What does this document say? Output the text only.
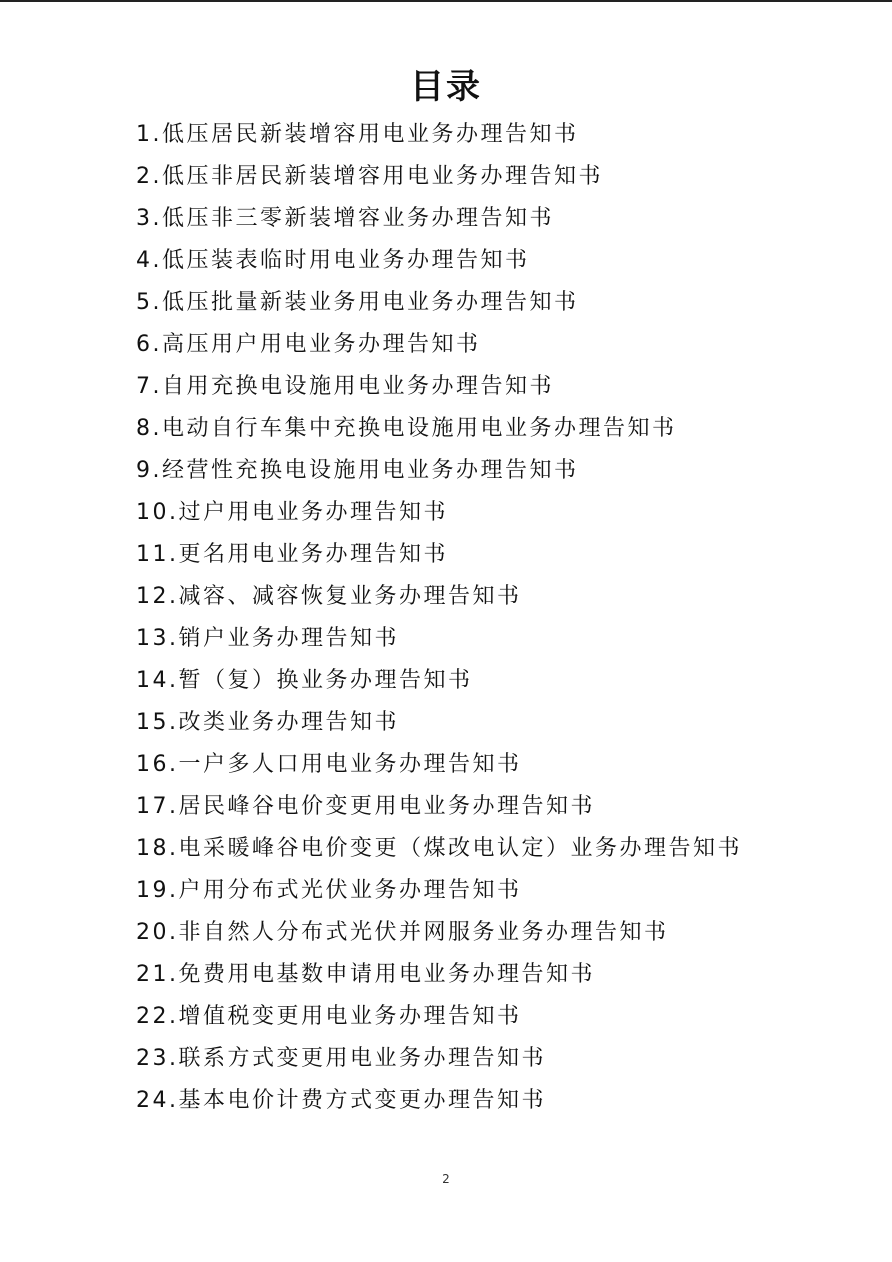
目录
1.低压居民新装增容用电业务办理告知书
2.低压非居民新装增容用电业务办理告知书
3.低压非三零新装增容业务办理告知书
4.低压装表临时用电业务办理告知书
5.低压批量新装业务用电业务办理告知书
6.高压用户用电业务办理告知书
7.自用充换电设施用电业务办理告知书
8.电动自行车集中充换电设施用电业务办理告知书
9.经营性充换电设施用电业务办理告知书
10.过户用电业务办理告知书
11.更名用电业务办理告知书
12.减容、减容恢复业务办理告知书
13.销户业务办理告知书
14.暂（复）换业务办理告知书
15.改类业务办理告知书
16.一户多人口用电业务办理告知书
17.居民峰谷电价变更用电业务办理告知书
18.电采暖峰谷电价变更（煤改电认定）业务办理告知书
19.户用分布式光伏业务办理告知书
20.非自然人分布式光伏并网服务业务办理告知书
21.免费用电基数申请用电业务办理告知书
22.增值税变更用电业务办理告知书
23.联系方式变更用电业务办理告知书
24.基本电价计费方式变更办理告知书
2
